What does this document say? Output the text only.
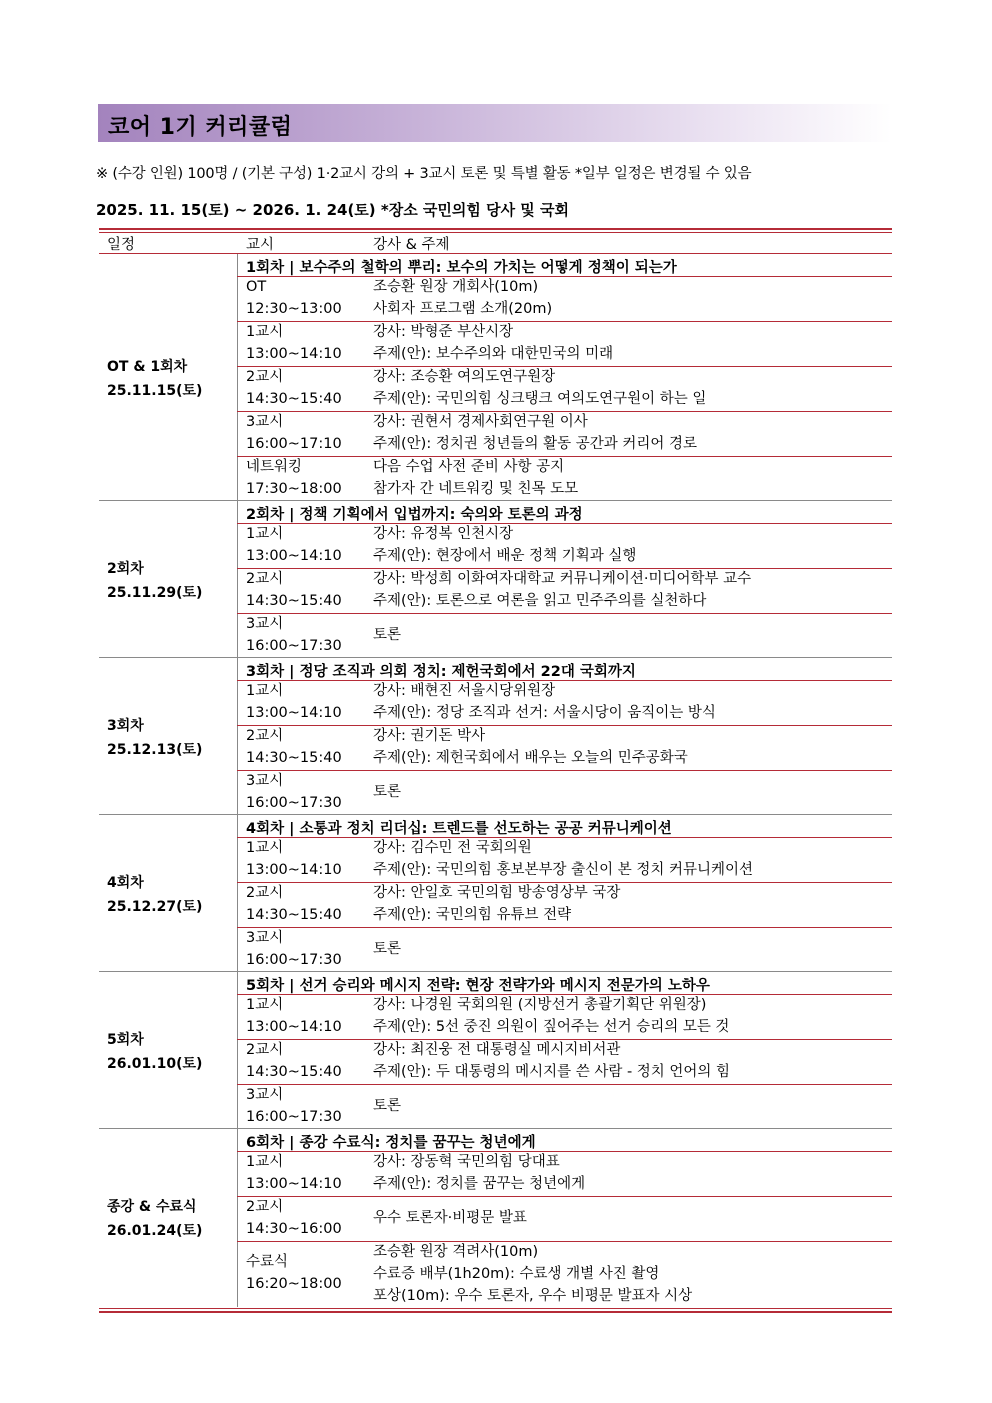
코어 1기 커리큘럼
※ (수강 인원) 100명 / (기본 구성) 1·2교시 강의 + 3교시 토론 및 특별 활동 *일부 일정은 변경될 수 있음
2025. 11. 15(토) ~ 2026. 1. 24(토) *장소 국민의힘 당사 및 국회
일정	교시	강사 & 주제
1회차 | 보수주의 철학의 뿌리: 보수의 가치는 어떻게 정책이 되는가
OT
12:30~13:00
조승환 원장 개회사(10m)
사회자 프로그램 소개(20m)
1교시
13:00~14:10
강사: 박형준 부산시장
주제(안): 보수주의와 대한민국의 미래
2교시
14:30~15:40
강사: 조승환 여의도연구원장
주제(안): 국민의힘 싱크탱크 여의도연구원이 하는 일
3교시
16:00~17:10
강사: 권현서 경제사회연구원 이사
주제(안): 정치권 청년들의 활동 공간과 커리어 경로
네트워킹
17:30~18:00
다음 수업 사전 준비 사항 공지
참가자 간 네트워킹 및 친목 도모
OT & 1회차
25.11.15(토)
2회차 | 정책 기획에서 입법까지: 숙의와 토론의 과정
1교시
13:00~14:10
강사: 유정복 인천시장
주제(안): 현장에서 배운 정책 기획과 실행
2교시
14:30~15:40
강사: 박성희 이화여자대학교 커뮤니케이션·미디어학부 교수
주제(안): 토론으로 여론을 읽고 민주주의를 실천하다
3교시
16:00~17:30
토론
2회차
25.11.29(토)
3회차 | 정당 조직과 의회 정치: 제헌국회에서 22대 국회까지
1교시
13:00~14:10
강사: 배현진 서울시당위원장
주제(안): 정당 조직과 선거: 서울시당이 움직이는 방식
2교시
14:30~15:40
강사: 권기돈 박사
주제(안): 제헌국회에서 배우는 오늘의 민주공화국
3교시
16:00~17:30
토론
3회차
25.12.13(토)
4회차 | 소통과 정치 리더십: 트렌드를 선도하는 공공 커뮤니케이션
1교시
13:00~14:10
강사: 김수민 전 국회의원
주제(안): 국민의힘 홍보본부장 출신이 본 정치 커뮤니케이션
2교시
14:30~15:40
강사: 안일호 국민의힘 방송영상부 국장
주제(안): 국민의힘 유튜브 전략
3교시
16:00~17:30
토론
4회차
25.12.27(토)
5회차 | 선거 승리와 메시지 전략: 현장 전략가와 메시지 전문가의 노하우
1교시
13:00~14:10
강사: 나경원 국회의원 (지방선거 총괄기획단 위원장)
주제(안): 5선 중진 의원이 짚어주는 선거 승리의 모든 것
2교시
14:30~15:40
강사: 최진웅 전 대통령실 메시지비서관
주제(안): 두 대통령의 메시지를 쓴 사람 - 정치 언어의 힘
3교시
16:00~17:30
토론
5회차
26.01.10(토)
6회차 | 종강 수료식: 정치를 꿈꾸는 청년에게
1교시
13:00~14:10
강사: 장동혁 국민의힘 당대표
주제(안): 정치를 꿈꾸는 청년에게
2교시
14:30~16:00
우수 토론자·비평문 발표
수료식
16:20~18:00
조승환 원장 격려사(10m)
수료증 배부(1h20m): 수료생 개별 사진 촬영
포상(10m): 우수 토론자, 우수 비평문 발표자 시상
종강 & 수료식
26.01.24(토)
